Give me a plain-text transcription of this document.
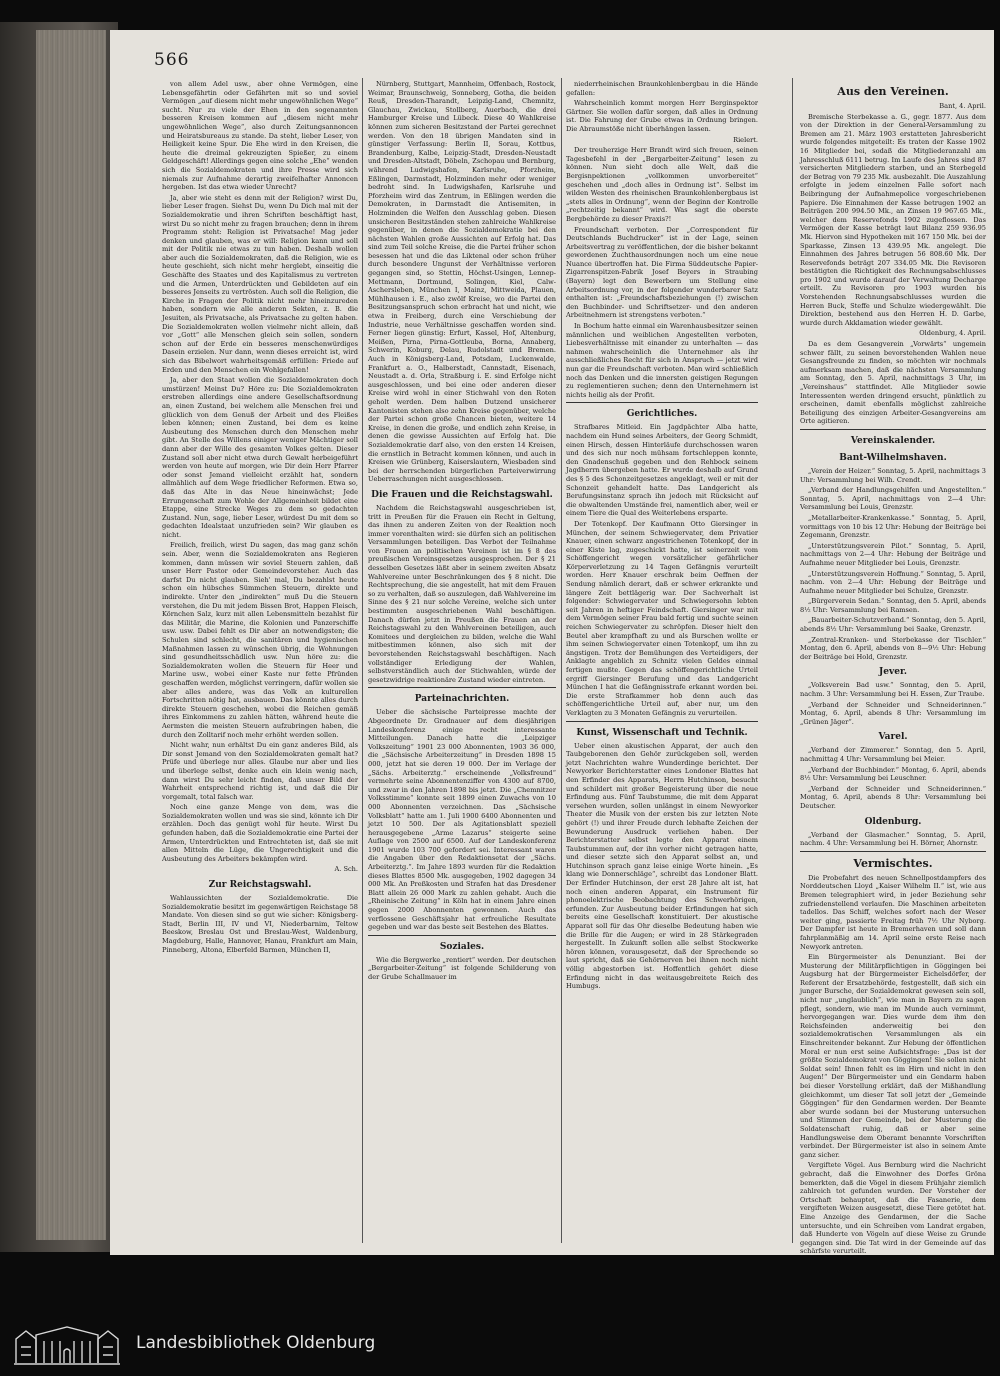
566

von allem Adel usw., aber ohne Vermögen, eine Lebensgefährtin oder Gefährten mit so und soviel Vermögen „auf diesem nicht mehr ungewöhnlichen Wege“ sucht. Nur zu viele der Ehen in den sogenannten besseren Kreisen kommen auf „diesem nicht mehr ungewöhnlichen Wege“, also durch Zeitungsannoncen und Heiratsbureaus zu stande. Da steht, lieber Leser, von Heiligkeit keine Spur. Die Ehe wird in den Kreisen, die heute die dreimal gekreuzigten Spießer, zu einem Geldgeschäft! Allerdings gegen eine solche „Ehe“ wenden sich die Sozialdemokraten und ihre Presse wird sich niemals zur Aufnahme derartig zweifelhafter Annoncen hergeben. Ist das etwa wieder Unrecht?

Ja, aber wie steht es denn mit der Religion? wirst Du, lieber Leser fragen. Siehst Du, wenn Du Dich mal mit der Sozialdemokratie und ihren Schriften beschäftigt hast, wirst Du so nicht mehr zu fragen brauchen; denn in ihrem Programm steht: Religion ist Privatsache! Mag jeder denken und glauben, was er will: Religion kann und soll mit der Politik nie etwas zu tun haben. Deshalb wollen aber auch die Sozialdemokraten, daß die Religion, wie es heute geschieht, sich nicht mehr herglebt, einseitig die Geschäfte des Staates und des Kapitalismus zu vertreten und die Armen, Unterdrückten und Gebildeten auf ein besseres Jenseits zu vertrösten. Auch soll die Religion, die Kirche in Fragen der Politik nicht mehr hineinzureden haben, sondern wie alle anderen Sekten, z. B. die Jesuiten, als Privatsache, als Privatsache zu gelten haben. Die Sozialdemokraten wollen vielmehr nicht allein, daß vor „Gott“ alle Menschen gleich sein sollen, sondern schon auf der Erde ein besseres menschenwürdiges Dasein erzielen. Nur dann, wenn dieses erreicht ist, wird sich das Bibelwort wahrheitsgemäß erfüllen: Friede auf Erden und den Menschen ein Wohlgefallen!

Ja, aber den Staat wollen die Sozialdemokraten doch umstürzen! Meinst Du? Höre zu: Die Sozialdemokraten erstreben allerdings eine andere Gesellschaftsordnung an, einen Zustand, bei welchem alle Menschen frei und glücklich von dem Genuß der Arbeit und des Fleißes leben können; einen Zustand, bei dem es keine Ausbeutung des Menschen durch den Menschen mehr gibt. An Stelle des Willens einiger weniger Mächtiger soll dann aber der Wille des gesamten Volkes gelten. Dieser Zustand soll aber nicht etwa durch Gewalt herbeigeführt werden von heute auf morgen, wie Dir dein Herr Pfarrer oder sonst Jemand vielleicht erzählt hat, sondern allmählich auf dem Wege friedlicher Reformen. Etwa so, daß das Alte in das Neue hineinwächst; Jede Errungenschaft zum Wohle der Allgemeinheit bildet eine Etappe, eine Strecke Weges zu dem so gedachten Zustand. Nun, sage, lieber Leser, würdest Du mit dem so gedachten Idealstaat unzufrieden sein? Wir glauben es nicht.

Freilich, freilich, wirst Du sagen, das mag ganz schön sein. Aber, wenn die Sozialdemokraten ans Regieren kommen, dann müssen wir soviel Steuern zahlen, daß unser Herr Pastor oder Gemeindevorsteher. Auch das darfst Du nicht glauben. Sieh' mal, Du bezahlst heute schon ein hübsches Sümmchen Steuern, direkte und indirekte. Unter den „indirekten“ muß Du die Steuern verstehen, die Du mit jedem Bissen Brot, Happen Fleisch, Körnchen Salz, kurz mit allen Lebensmitteln bezahlst für das Militär, die Marine, die Kolonien und Panzerschiffe usw. usw. Dabei fehlt es Dir aber an notwendigsten; die Schulen sind schlecht, die sanitären und hygienischen Maßnahmen lassen zu wünschen übrig, die Wohnungen sind gesundheitsschädlich usw. Nun höre zu: die Sozialdemokraten wollen die Steuern für Heer und Marine usw., wobei einer Kaste nur fette Pfründen geschaffen werden, möglichst verringern, dafür wollen sie aber alles andere, was das Volk an kulturellen Fortschritten nötig hat, ausbauen. Das könnte alles durch direkte Steuern geschehen, wobei die Reichen gemäß ihres Einkommens zu zahlen hätten, während heute die Aermsten die meisten Steuern aufzubringen haben, die durch den Zolltarif noch mehr erhöht werden sollen.

Nicht wahr, nun erhältst Du ein ganz anderes Bild, als Dir sonst Jemand von den Sozialdemokraten gemalt hat? Prüfe und überlege nur alles. Glaube nur aber und lies und überlege selbst, denke auch ein klein wenig nach, dann wirst Du sehr leicht finden, daß unser Bild der Wahrheit entsprechend richtig ist, und daß die Dir vorgemalt, total falsch war.

Noch eine ganze Menge von dem, was die Sozialdemokraten wollen und was sie sind, könnte ich Dir erzählen. Doch das genügt wohl für heute. Wirst Du gefunden haben, daß die Sozialdemokratie eine Partei der Armen, Unterdrückten und Entrechteten ist, daß sie mit allen Mitteln die Lüge, die Ungerechtigkeit und die Ausbeutung des Arbeiters bekämpfen wird.

A. Sch.
Zur Reichstagswahl.

Wahlaussichten der Sozialdemokratie. Die Sozialdemokratie besitzt im gegenwärtigen Reichstage 58 Mandate. Von diesen sind so gut wie sicher: Königsberg-Stadt, Berlin III, IV und VI, Niederbarnim, Teltow Beeskow, Breslau Ost und Breslau-West, Waldenburg, Magdeburg, Halle, Hannover, Hanau, Frankfurt am Main, Pinneberg, Altona, Elberfeld Barmen, München II,

Nürnberg, Stuttgart, Mannheim, Offenbach, Rostock, Weimar, Braunschweig, Sonneberg, Gotha, die beiden Reuß, Dresden-Tharandt, Leipzig-Land, Chemnitz, Glauchau, Zwickau, Stollberg, Auerbach, die drei Hamburger Kreise und Lübeck. Diese 40 Wahlkreise können zum sicheren Besitzstand der Partei gerechnet werden. Von den 18 übrigen Mandaten sind in günstiger Verfassung: Berlin II, Sorau, Kottbus, Brandenburg, Kalbe, Leipzig-Stadt, Dresden-Neustadt und Dresden-Altstadt, Döbeln, Zschopau und Bernburg, während Ludwigshafen, Karlsruhe, Pforzheim, Eßlingen, Darmstadt, Holzminden mehr oder weniger bedroht sind. In Ludwigshafen, Karlsruhe und Pforzheim wird das Zentrum, in Eßlingen werden die Demokraten, in Darmstadt die Antisemiten, in Holzminden die Welfen den Ausschlag geben. Diesen unsicheren Besitzständen stehen zahlreiche Wahlkreise gegenüber, in denen die Sozialdemokratie bei den nächsten Wahlen große Aussichten auf Erfolg hat. Das sind zum Teil solche Kreise, die die Partei früher schon besessen hat und die das Liktenal oder schon früher durch besondere Ungunst der Verhältnisse verloren gegangen sind, so Stettin, Höchst-Usingen, Lennep-Mettmann, Dortmund, Solingen, Kiel, Calw-Aschersleben, München I, Mainz, Mittweida, Plauen, Mühlhausen i. E., also zwölf Kreise, wo die Partei den Besitzungsanspruch schon erbracht hat und nicht, wie etwa in Freiberg, durch eine Verschiebung der Industrie, neue Verhältnisse geschaffen worden sind. Ferner liegen günstig: Erfurt, Kassel, Hof, Altenburg, Meißen, Pirna, Pirna-Gottleuba, Borna, Annaberg, Schwerin, Koburg, Delau, Rudolstadt und Bremen. Auch in Königsberg-Land, Potsdam, Luckenwalde, Frankfurt a. O., Halberstadt, Cannstadt, Eisenach, Neustadt a. d. Orla, Straßburg i. E. sind Erfolge nicht ausgeschlossen, und bei eine oder anderen dieser Kreise wird wohl in einer Stichwahl von den Roten geholt werden. Dem halben Dutzend unsicherer Kantonisten stehen also zehn Kreise gegenüber, welche der Partei schon große Chancen bieten, weitere 14 Kreise, in denen die große, und endlich zehn Kreise, in denen die gewisse Aussichten auf Erfolg hat. Die Sozialdemokratie darf also, von den ersten 14 Kreisen, die ernstlich in Betracht kommen können, und auch in Kreisen wie Grünberg, Kaiserslautern, Wiesbaden sind bei der herrschenden bürgerlichen Parteiverwirrung Ueberraschungen nicht ausgeschlossen.

Die Frauen und die Reichstagswahl.

Nachdem die Reichstagswahl ausgeschrieben ist, tritt in Preußen für die Frauen ein Recht in Geltung, das ihnen zu anderen Zeiten von der Reaktion noch immer vorenthalten wird: sie dürfen sich an politischen Versammlungen beteiligen. Das Verbot der Teilnahme von Frauen an politischen Vereinen ist im § 8 des preußischen Vereinsgesetzes ausgesprochen. Der § 21 desselben Gesetzes läßt aber in seinem zweiten Absatz Wahlvereine unter Beschränkungen des § 8 nicht. Die Rechtsprechung, die sie angestellt, hat mit dem Frauen so zu verhalten, daß so auszulegen, daß Wahlvereine im Sinne des § 21 nur solche Vereine, welche sich unter bestimmten ausgeschriebenen Wahl beschäftigen. Danach dürfen jetzt in Preußen die Frauen an der Reichstagswahl zu den Wahlvereinen beteiligen, auch Komitees und dergleichen zu bilden, welche die Wahl mitbestimmen können, also sich mit der bevorstehenden Reichstagswahl beschäftigen. Nach vollständiger Erledigung der Wahlen, selbstverständlich auch der Stichwahlen, würde der gesetzwidrige reaktionäre Zustand wieder eintreten.

Parteinachrichten.

Ueber die sächsische Parteipresse machte der Abgeordnete Dr. Gradnauer auf dem diesjährigen Landeskonferenz einige recht interessante Mitteilungen. Danach hatte die „Leipziger Volkszeitung“ 1901 23 000 Abonnenten, 1903 36 000, die „Sächsische Arbeiterzeitung“ in Dresden 1898 15 000, jetzt hat sie deren 19 000. Der im Verlage der „Sächs. Arbeiterztg.“ erscheinende „Volksfreund“ vermehrte seine Abonnentenziffer von 4300 auf 8700, und zwar in den Jahren 1898 bis jetzt. Die „Chemnitzer Volksstimme“ konnte seit 1899 einen Zuwachs von 10 000 Abonnenten verzeichnen. Das „Sächsische Volksblatt“ hatte am 1. Juli 1900 6400 Abonnenten und jetzt 10 500. Der als Agitationsblatt speziell herausgegebene „Arme Lazarus“ steigerte seine Auflage von 2500 auf 6500. Auf der Landeskonferenz 1901 wurde 103 700 gefordert sei. Interessant waren die Angaben über den Redaktionsetat der „Sächs. Arbeiterztg.“. Im Jahre 1893 wurden für die Redaktion dieses Blattes 8500 Mk. ausgegeben, 1902 dagegen 34 000 Mk. An Preßkosten und Strafen hat das Dresdener Blatt allein 26 000 Mark zu zahlen gehabt. Auch die „Rheinische Zeitung“ in Köln hat in einem Jahre einen gegen 2000 Abonnenten gewonnen. Auch das verflossene Geschäftsjahr hat erfreuliche Resultate gegeben und war das beste seit Bestehen des Blattes.

Soziales.

Wie die Bergwerke „rentiert“ werden. Der deutschen „Bergarbeiter-Zeitung“ ist folgende Schilderung von der Grube Schallmauer im

niederrheinischen Braunkohlenbergbau in die Hände gefallen:

Wahrscheinlich kommt morgen Herr Berginspektor Gärtner. Sie wollen dafür sorgen, daß alles in Ordnung ist. Die Fahrung der Grube etwas in Ordnung bringen. Die Abraumstöße nicht überhängen lassen.

Rielert.

Der treuherzige Herr Brandt wird sich freuen, seinen Tagesbefehl in der „Bergarbeiter-Zeitung“ lesen zu können. Nun sieht doch alle Welt, daß die Bergisnpektionen „vollkommen unvorbereitet“ geschehen und „doch alles in Ordnung ist“. Selbst im wilden Westen des rheinischen Braunkohlenbergbaus ist „stets alles in Ordnung“, wenn der Beginn der Kontrolle „rechtzeitig bekannt“ wird. Was sagt die oberste Bergbehörde zu dieser Praxis?!

Freundschaft verboten. Der „Correspondent für Deutschlands Buchdrucker“ ist in der Lage, seinen Arbeitsvertrag zu veröffentlichen, der die bisher bekannt gewordenen Zuchthausordnungen noch um eine neue Nuance übertroffen hat. Die Firma Süddeutsche Papier-Zigarrenspitzen-Fabrik Josef Beyers in Straubing (Bayern) legt den Bewerbern um Stellung eine Arbeitsordnung vor, in der folgender wunderbarer Satz enthalten ist: „Freundschaftsbeziehungen (!) zwischen den Buchbinder- und Schriftsetzer- und den anderen Arbeitnehmern ist strengstens verboten.“

In Bochum hatte einmal ein Warenhausbesitzer seinen männlichen und weiblichen Angestellten verboten, Liebesverhältnisse mit einander zu unterhalten — das nahmen wahrscheinlich die Unternehmer als ihr ausschließliches Recht für sich in Anspruch — jetzt wird nun gar die Freundschaft verboten. Man wird schließlich noch das Denken und die innersten geistigen Regungen zu reglementieren suchen; denn den Unternehmern ist nichts heilig als der Profit.

Gerichtliches.

Strafbares Mitleid. Ein Jagdpächter Alba hatte, nachdem ein Hund seines Arbeiters, der Georg Schmidt, einen Hirsch, dessen Hinterläufe durchschossen waren und des sich nur noch mühsam fortschleppen konnte, den Gnadenschuß gegeben und den Rehbock seinem Jagdherrn übergeben hatte. Er wurde deshalb auf Grund des § 5 des Schonzeitgesetzes angeklagt, weil er mit der Schonzeit gehandelt hatte. Das Landgericht als Berufungsinstanz sprach ihn jedoch mit Rücksicht auf die obwaltenden Umstände frei, namentlich aber, weil er einem Tiere die Qual des Weiterlebens ersparte.

Der Totenkopf. Der Kaufmann Otto Giersinger in München, der seinem Schwiegervater, dem Privatier Knauer, einen schwarz angestrichenen Totenkopf, der in einer Kiste lag, zugeschickt hatte, ist seinerzeit vom Schöffengericht wegen vorsätzlicher gefährlicher Körperverletzung zu 14 Tagen Gefängnis verurteilt worden. Herr Knauer erschrak beim Oeffnen der Sendung nämlich derart, daß er schwer erkrankte und längere Zeit bettlägerig war. Der Sachverhalt ist folgender: Schwiegervater und Schwiegersohn lebten seit Jahren in heftiger Feindschaft. Giersinger war mit dem Vermögen seiner Frau bald fertig und suchte seinen reichen Schwiegervater zu schröpfen. Dieser hielt den Beutel aber krampfhaft zu und als Burschen wollte er ihm seinen Schwiegervater einen Totenkopf, um ihn zu ängstigen. Trotz der Bemühungen des Verteidigers, der Anklagte angeblich zu Schnitz vielen Geldes einmal fertigen mußte. Gegen das schöffengerichtliche Urteil ergriff Giersinger Berufung und das Landgericht München I hat die Gefängnisstrafe erkannt worden bei. Die erste Strafkammer hob denn auch das schöffengerichtliche Urteil auf, aber nur, um den Verklagten zu 3 Monaten Gefängnis zu verurteilen.

Kunst, Wissenschaft und Technik.

Ueber einen akustischen Apparat, der auch den Taubgeborenen den Gehör zurückgeben soll, werden jetzt Nachrichten wahre Wunderdinge berichtet. Der Newyorker Berichterstatter eines Londoner Blattes hat den Erfinder des Apparats, Herrn Hutchinson, besucht und schildert mit großer Begeisterung über die neue Erfindung aus. Fünf Taubstumme, die mit dem Apparat versehen wurden, sollen unlängst in einem Newyorker Theater die Musik von der ersten bis zur letzten Note gehört (!) und ihrer Freude durch lebhafte Zeichen der Bewunderung Ausdruck verliehen haben. Der Berichterstatter selbst legte den Apparat einem Taubstummen auf, der ihn vorher nicht getragen hatte, und dieser setzte sich den Apparat selbst an, und Hutchinson sprach ganz leise einige Worte hinein. „Es klang wie Donnerschläge“, schreibt das Londoner Blatt. Der Erfinder Hutchinson, der erst 28 Jahre alt ist, hat noch einen anderen Apparat, ein Instrument für phonoelektrische Beobachtung des Schwerhörigen, erfunden. Zur Ausbeutung beider Erfindungen hat sich bereits eine Gesellschaft konstituiert. Der akustische Apparat soll für das Ohr dieselbe Bedeutung haben wie die Brille für die Augen; er wird in 28 Stärkegraden hergestellt. In Zukunft sollen alle selbst Stockwerke hören können, vorausgesetzt, daß der Sprechende so laut spricht, daß sie Gehörnerven bei ihnen noch nicht völlig abgestorben ist. Hoffentlich gehört diese Erfindung nicht in das weitausgebreitete Reich des Humbugs.

Aus den Vereinen.
Bant, 4. April.

Bremische Sterbekasse a. G., gegr. 1877. Aus dem von der Direktion in der General-Versammlung zu Bremen am 21. März 1903 erstatteten Jahresbericht wurde folgendes mitgeteilt: Es traten der Kasse 1902 16 Mitglieder bei, sodaß die Mitgliederanzahl am Jahresschluß 6111 betrug. Im Laufe des Jahres sind 87 versicherten Mitgliedern starben, und an Sterbegeld der Betrag von 79 235 Mk. ausbezahlt. Die Auszahlung erfolgte in jedem einzelnen Falle sofort nach Beibringung der Aufnahmepolice vorgeschriebenen Papiere. Die Einnahmen der Kasse betrugen 1902 an Beiträgen 200 994.50 Mk., an Zinsen 19 967.65 Mk., welcher dem Reservefonds 1902 zugeflossen. Das Vermögen der Kasse beträgt laut Bilanz 259 936.95 Mk. Hiervon sind Hypotheken mit 167 150 Mk. bei der Sparkasse, Zinsen 13 439.95 Mk. angelegt. Die Einnahmen des Jahres betrugen 56 808.60 Mk. Der Reservefonds beträgt 207 334.05 Mk. Die Revisoren bestätigten die Richtigkeit des Rechnungsabschlusses pro 1902 und wurde darauf der Verwaltung Decharge erteilt. Zu Revisoren pro 1903 wurden bis Vorstehenden Rechnungsabschlusses wurden die Herren Buck, Steffe und Schulze wiedergewählt. Die Direktion, bestehend aus den Herren H. D. Garbe, wurde durch Akklamation wieder gewählt.

Oldenburg, 4. April.

Da es dem Gesangverein „Vorwärts“ ungemein schwer fällt, zu seinen bevorstehenden Wahlen neue Gesangsfreunde zu finden, so möchten wir nochmals aufmerksam machen, daß die nächsten Versammlung am Sonntag, den 5. April, nachmittags 3 Uhr, im „Vereinshaus“ stattfindet. Alle Mitglieder sowie Interessenten werden dringend ersucht, pünktlich zu erscheinen, damit ebenfalls möglichst zahlreiche Beteiligung des einzigen Arbeiter-Gesangvereins am Orte agitieren.

Vereinskalender.
Bant-Wilhelmshaven.

„Verein der Heizer.“ Sonntag, 5. April, nachmittags 3 Uhr: Versammlung bei Wilh. Crendt.

„Verband der Handlungsgehilfen und Angestellten.“ Sonntag, 5. April, nachmittags von 2—4 Uhr: Versammlung bei Louis, Grenzstr.

„Metallarbeiter-Krankenkasse.“ Sonntag, 5. April, vormittags von 10 bis 12 Uhr: Hebung der Beiträge bei Zegemann, Grenzstr.

„Unterstützungsverein Pilot.“ Sonntag, 5. April, nachmittags von 2—4 Uhr: Hebung der Beiträge und Aufnahme neuer Mitglieder bei Louis, Grenzstr.

„Unterstützungsverein Hoffnung.“ Sonntag, 5. April, nachm. von 2—4 Uhr: Hebung der Beiträge und Aufnahme neuer Mitglieder bei Schulze, Grenzstr.

„Bürgerverein Sedan.“ Sonntag, den 5. April, abends 8½ Uhr: Versammlung bei Ramsen.

„Bauarbeiter-Schutzverband.“ Sonntag, den 5. April, abends 8½ Uhr: Versammlung bei Saake, Grenzstr.

„Zentral-Kranken- und Sterbekasse der Tischler.“ Montag, den 6. April, abends von 8—9½ Uhr: Hebung der Beiträge bei Hold, Grenzstr.

Jever.

„Volksverein Bad usw.“ Sonntag, den 5. April, nachm. 3 Uhr: Versammlung bei H. Essen, Zur Traube.

„Verband der Schneider und Schneiderinnen.“ Montag, 6. April, abends 8 Uhr: Versammlung im „Grünen Jäger“.

Varel.

„Verband der Zimmerer.“ Sonntag, den 5. April, nachmittag 4 Uhr: Versammlung bei Meier.

„Verband der Buchbinder.“ Montag, 6. April, abends 8½ Uhr: Versammlung bei Leuschner.

„Verband der Schneider und Schneiderinnen.“ Montag, 6. April, abends 8 Uhr: Versammlung bei Deutscher.

Oldenburg.

„Verband der Glasmacher.“ Sonntag, 5. April, nachm. 4 Uhr: Versammlung bei H. Börner, Ahornstr.

Vermischtes.

Die Probefahrt des neuen Schnellpostdampfers des Norddeutschen Lloyd „Kaiser Wilhelm II.“ ist, wie aus Bremen telegraphiert wird, in jeder Beziehung sehr zufriedenstellend verlaufen. Die Maschinen arbeiteten tadellos. Das Schiff, welches sofort nach der Weser weiter ging, passierte Freitag früh 7½ Uhr Nyborg. Der Dampfer ist heute in Bremerhaven und soll dann fahrplanmäßig am 14. April seine erste Reise nach Newyork antreten.

Ein Bürgermeister als Denunziant. Bei der Musterung der Militärpflichtigen in Göggingen bei Augsburg hat der Bürgermeister Eichelsdörfer, der Referent der Ersatzbehörde, festgestellt, daß sich ein junger Bursche, der Sozialdemokrat gewesen sein soll, nicht nur „unglaublich“, wie man in Bayern zu sagen pflegt, sondern, wie man im Munde auch vernimmt, hervorgegangen war. Dies wurde dem ihm den Reichsfeinden anderweitig bei den sozialdemokratischen Versammlungen als ein Einschreitender bekannt. Zur Hebung der öffentlichen Moral er nun erst seine Aufsichtsfrage: „Das ist der größte Sozialdemokrat von Göggingen! Sie sollen nicht Soldat sein! Ihnen fehlt es im Hirn und nicht in den Augen!“ Der Bürgermeister und ein Gendarm haben bei dieser Vorstellung erklärt, daß der Mißhandlung gleichkommt, um dieser Tat soll jetzt der „Gemeinde Göggingen“ für den Gendarmen werden. Der Beamte aber wurde sodann bei der Musterung untersuchen und Stimmen der Gemeinde, bei der Musterung die Soldatenschaft ruhig, daß er aber seine Handlungsweise dem Oberamt benannte Vorschriften verbindet. Der Bürgermeister ist also in seinem Amte ganz sicher.

Vergiftete Vögel. Aus Bernburg wird die Nachricht gebracht, daß die Einwohner des Dorfes Gröna bemerkten, daß die Vögel in diesem Frühjahr ziemlich zahlreich tot gefunden wurden. Der Vorsteher der Ortschaft behauptet, daß die Fasanerie, dem vergifteten Weizen ausgesetzt, diese Tiere getötet hat. Eine Anzeige des Gendarmen, der die Sache untersuchte, und ein Schreiben vom Landrat ergaben, daß Hunderte von Vögeln auf diese Weise zu Grunde gegangen sind. Die Tat wird in der Gemeinde auf das schärfste verurteilt.

Landesbibliothek Oldenburg
